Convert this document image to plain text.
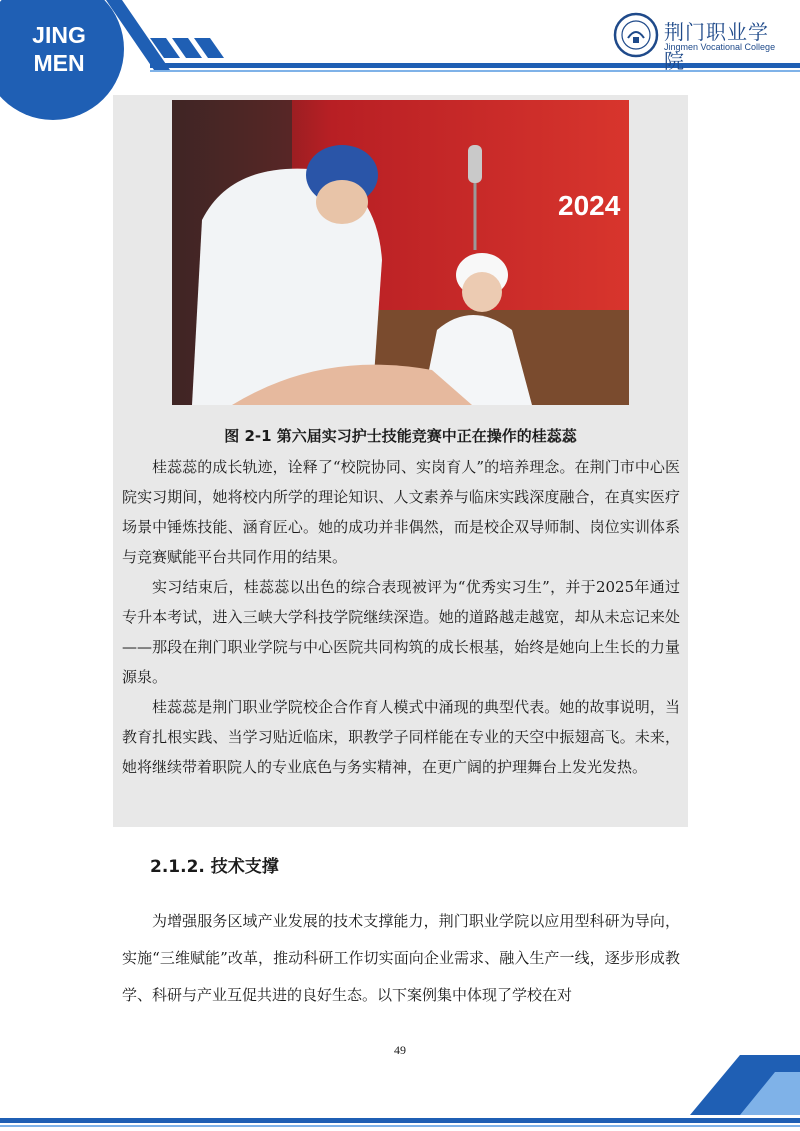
JING
MEN
荆门职业学院
Jingmen Vocational College
2024
图 2-1 第六届实习护士技能竞赛中正在操作的桂蕊蕊

桂蕊蕊的成长轨迹，诠释了“校院协同、实岗育人”的培养理念。在荆门市中心医院实习期间，她将校内所学的理论知识、人文素养与临床实践深度融合，在真实医疗场景中锤炼技能、涵育匠心。她的成功并非偶然，而是校企双导师制、岗位实训体系与竞赛赋能平台共同作用的结果。

实习结束后，桂蕊蕊以出色的综合表现被评为“优秀实习生”，并于2025年通过专升本考试，进入三峡大学科技学院继续深造。她的道路越走越宽，却从未忘记来处——那段在荆门职业学院与中心医院共同构筑的成长根基，始终是她向上生长的力量源泉。

桂蕊蕊是荆门职业学院校企合作育人模式中涌现的典型代表。她的故事说明，当教育扎根实践、当学习贴近临床，职教学子同样能在专业的天空中振翅高飞。未来，她将继续带着职院人的专业底色与务实精神，在更广阔的护理舞台上发光发热。

2.1.2. 技术支撑

为增强服务区域产业发展的技术支撑能力，荆门职业学院以应用型科研为导向，实施“三维赋能”改革，推动科研工作切实面向企业需求、融入生产一线，逐步形成教学、科研与产业互促共进的良好生态。以下案例集中体现了学校在对

49
